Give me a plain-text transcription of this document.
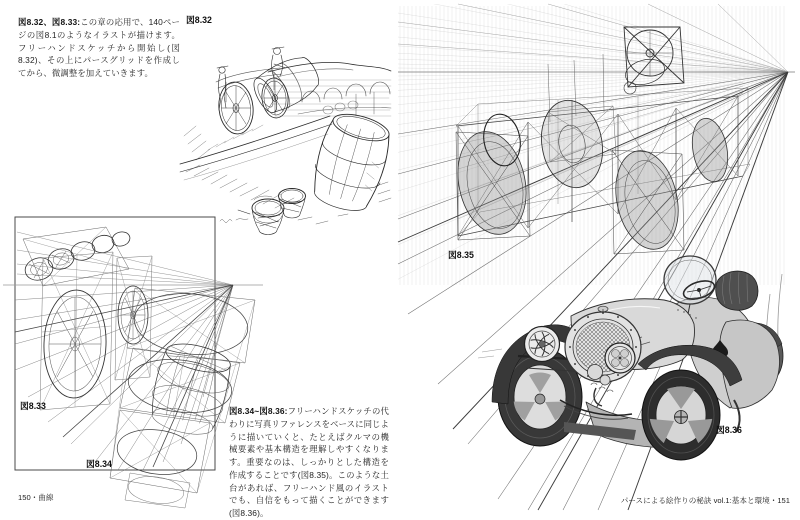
図8.32、図8.33:この章の応用で、140ページの図8.1のようなイラストが描けます。フリーハンドスケッチから開始し(図8.32)、その上にパースグリッドを作成してから、微調整を加えていきます。
図8.32
図8.33
図8.34
図8.34~図8.36:フリーハンドスケッチの代わりに写真リファレンスをベースに同じように描いていくと、たとえばクルマの機械要素や基本構造を理解しやすくなります。重要なのは、しっかりとした構造を作成することです(図8.35)。このような土台があれば、フリーハンド風のイラストでも、自信をもって描くことができます(図8.36)。
150・曲線
図8.35
図8.36
パースによる絵作りの秘訣 vol.1:基本と環境・151
